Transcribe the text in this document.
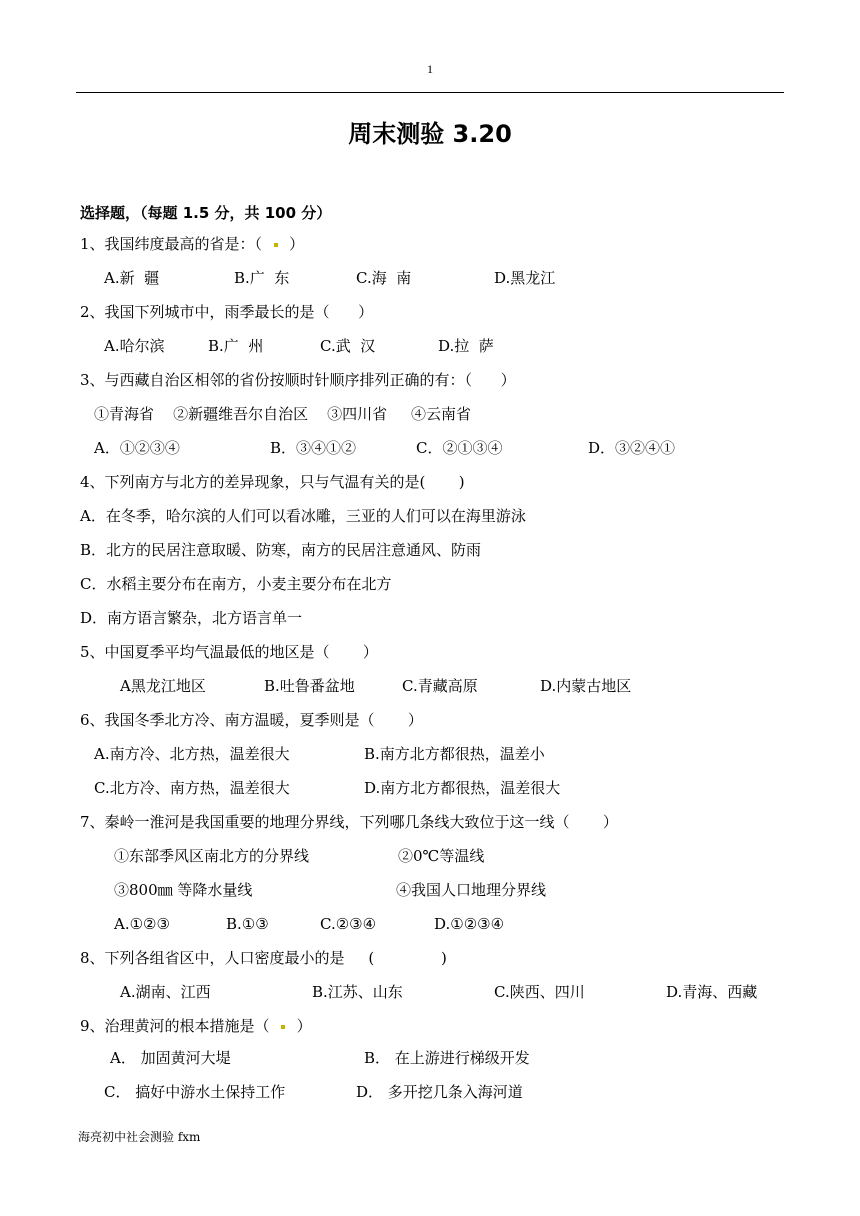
1
周末测验 3.20
选择题，（每题 1.5 分，共 100 分）
1、我国纬度最高的省是：（    ）
A.新  疆	B.广  东	C.海  南	D.黑龙江
2、我国下列城市中，雨季最长的是（      ）
A.哈尔滨	B.广  州	C.武  汉	D.拉  萨
3、与西藏自治区相邻的省份按顺时针顺序排列正确的有：（      ）
①青海省    ②新疆维吾尔自治区    ③四川省     ④云南省
A．①②③④	B．③④①②	C．②①③④	D．③②④①
4、下列南方与北方的差异现象，只与气温有关的是(       )
A．在冬季，哈尔滨的人们可以看冰雕，三亚的人们可以在海里游泳
B．北方的民居注意取暖、防寒，南方的民居注意通风、防雨
C．水稻主要分布在南方，小麦主要分布在北方
D．南方语言繁杂，北方语言单一
5、中国夏季平均气温最低的地区是（       ）
A黑龙江地区	B.吐鲁番盆地	C.青藏高原	D.内蒙古地区
6、我国冬季北方冷、南方温暖，夏季则是（       ）
A.南方冷、北方热，温差很大	B.南方北方都很热，温差小
C.北方冷、南方热，温差很大	D.南方北方都很热，温差很大
7、秦岭一淮河是我国重要的地理分界线，下列哪几条线大致位于这一线（       ）
①东部季风区南北方的分界线	②0℃等温线
③800㎜ 等降水量线	④我国人口地理分界线
A.①②③	B.①③	C.②③④	D.①②③④
8、下列各组省区中，人口密度最小的是     (              )
A.湖南、江西	B.江苏、山东	C.陕西、四川	D.青海、西藏
9、治理黄河的根本措施是（    ）
A． 加固黄河大堤	B． 在上游进行梯级开发
C． 搞好中游水土保持工作	D． 多开挖几条入海河道
海亮初中社会测验 fxm
